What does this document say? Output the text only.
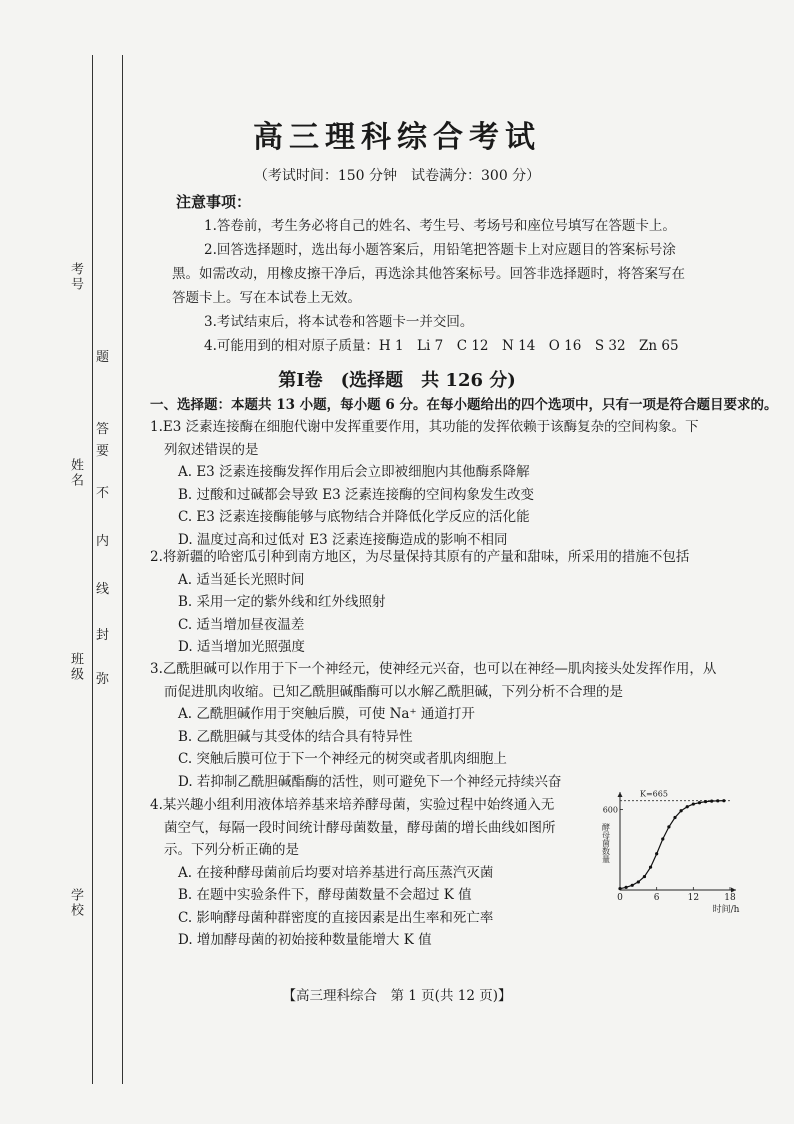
考号
姓名
班级
学校
题
答
要
不
内
线
封
弥
高三理科综合考试
（考试时间：150 分钟　试卷满分：300 分）

注意事项：

1.答卷前，考生务必将自己的姓名、考生号、考场号和座位号填写在答题卡上。

2.回答选择题时，选出每小题答案后，用铅笔把答题卡上对应题目的答案标号涂

黑。如需改动，用橡皮擦干净后，再选涂其他答案标号。回答非选择题时，将答案写在

答题卡上。写在本试卷上无效。

3.考试结束后，将本试卷和答题卡一并交回。

4.可能用到的相对原子质量：H 1　Li 7　C 12　N 14　O 16　S 32　Zn 65

第Ⅰ卷　(选择题　共 126 分)
一、选择题：本题共 13 小题，每小题 6 分。在每小题给出的四个选项中，只有一项是符合题目要求的。

1.E3 泛素连接酶在细胞代谢中发挥重要作用，其功能的发挥依赖于该酶复杂的空间构象。下

列叙述错误的是

A. E3 泛素连接酶发挥作用后会立即被细胞内其他酶系降解

B. 过酸和过碱都会导致 E3 泛素连接酶的空间构象发生改变

C. E3 泛素连接酶能够与底物结合并降低化学反应的活化能

D. 温度过高和过低对 E3 泛素连接酶造成的影响不相同

2.将新疆的哈密瓜引种到南方地区，为尽量保持其原有的产量和甜味，所采用的措施不包括

A. 适当延长光照时间

B. 采用一定的紫外线和红外线照射

C. 适当增加昼夜温差

D. 适当增加光照强度

3.乙酰胆碱可以作用于下一个神经元，使神经元兴奋，也可以在神经—肌肉接头处发挥作用，从

而促进肌肉收缩。已知乙酰胆碱酯酶可以水解乙酰胆碱，下列分析不合理的是

A. 乙酰胆碱作用于突触后膜，可使 Na⁺ 通道打开

B. 乙酰胆碱与其受体的结合具有特异性

C. 突触后膜可位于下一个神经元的树突或者肌肉细胞上

D. 若抑制乙酰胆碱酯酶的活性，则可避免下一个神经元持续兴奋

4.某兴趣小组利用液体培养基来培养酵母菌，实验过程中始终通入无

菌空气，每隔一段时间统计酵母菌数量，酵母菌的增长曲线如图所

示。下列分析正确的是

A. 在接种酵母菌前后均要对培养基进行高压蒸汽灭菌

B. 在题中实验条件下，酵母菌数量不会超过 K 值

C. 影响酵母菌种群密度的直接因素是出生率和死亡率

D. 增加酵母菌的初始接种数量能增大 K 值

K=665
0	6	12	18
600
时间/h
酵母菌数量
【高三理科综合　第 1 页(共 12 页)】
